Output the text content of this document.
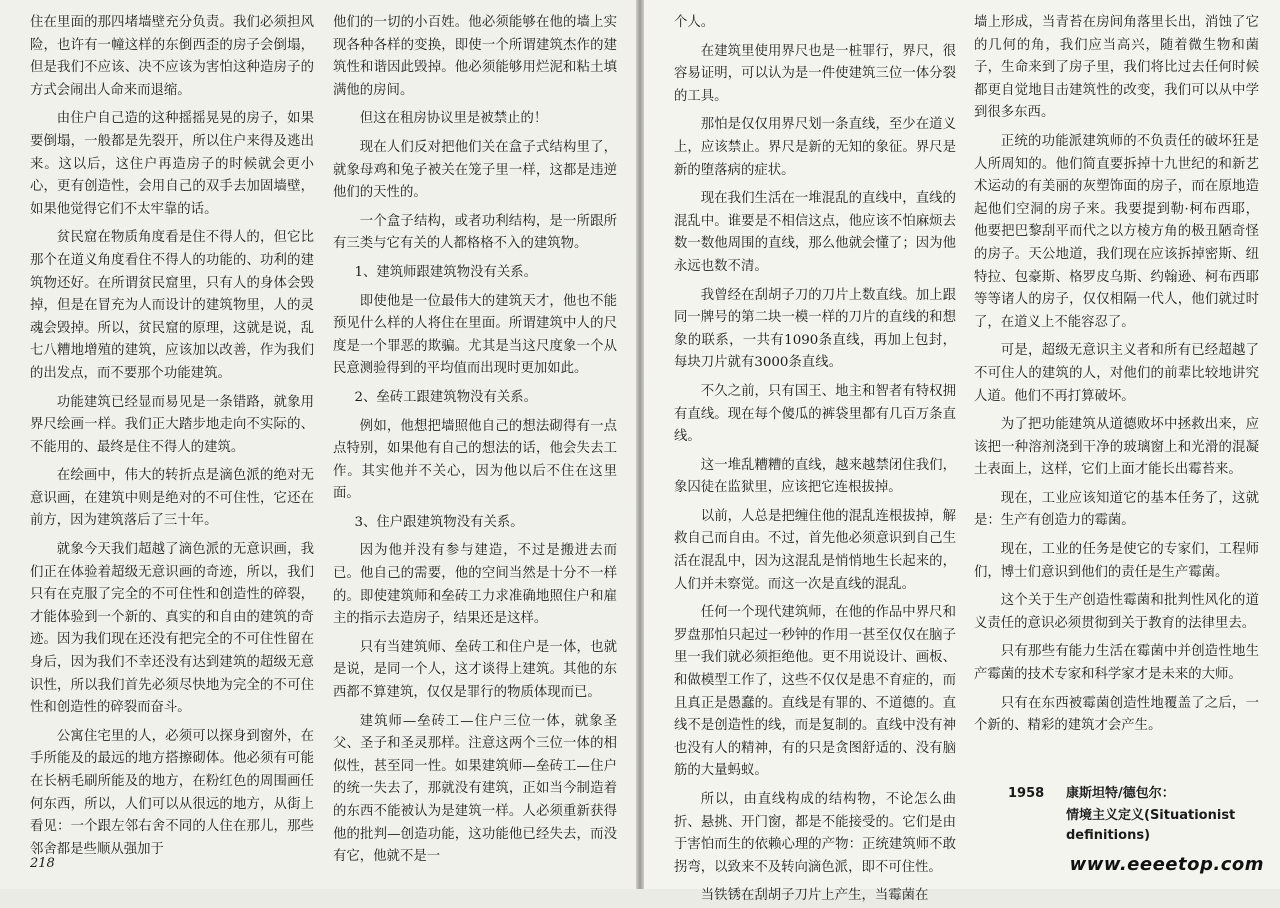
住在里面的那四堵墙壁充分负责。我们必须担风险，也许有一幢这样的东倒西歪的房子会倒塌，但是我们不应该、决不应该为害怕这种造房子的方式会闹出人命来而退缩。

由住户自己造的这种摇摇晃晃的房子，如果要倒塌，一般都是先裂开，所以住户来得及逃出来。这以后，这住户再造房子的时候就会更小心，更有创造性，会用自己的双手去加固墙壁，如果他觉得它们不太牢靠的话。

贫民窟在物质角度看是住不得人的，但它比那个在道义角度看住不得人的功能的、功利的建筑物还好。在所谓贫民窟里，只有人的身体会毁掉，但是在冒充为人而设计的建筑物里，人的灵魂会毁掉。所以，贫民窟的原理，这就是说，乱七八糟地增殖的建筑，应该加以改善，作为我们的出发点，而不要那个功能建筑。

功能建筑已经显而易见是一条错路，就象用界尺绘画一样。我们正大踏步地走向不实际的、不能用的、最终是住不得人的建筑。

在绘画中，伟大的转折点是滴色派的绝对无意识画，在建筑中则是绝对的不可住性，它还在前方，因为建筑落后了三十年。

就象今天我们超越了滴色派的无意识画，我们正在体验着超级无意识画的奇迹，所以，我们只有在克服了完全的不可住性和创造性的碎裂，才能体验到一个新的、真实的和自由的建筑的奇迹。因为我们现在还没有把完全的不可住性留在身后，因为我们不幸还没有达到建筑的超级无意识性，所以我们首先必须尽快地为完全的不可住性和创造性的碎裂而奋斗。

公寓住宅里的人，必须可以探身到窗外，在手所能及的最远的地方搭擦砌体。他必须有可能在长柄毛刷所能及的地方，在粉红色的周围画任何东西，所以，人们可以从很远的地方，从街上看见：一个跟左邻右舍不同的人住在那儿，那些邻舍都是些顺从强加于

他们的一切的小百姓。他必须能够在他的墙上实现各种各样的变换，即使一个所谓建筑杰作的建筑性和谐因此毁掉。他必须能够用烂泥和粘土填满他的房间。

但这在租房协议里是被禁止的！

现在人们反对把他们关在盒子式结构里了，就象母鸡和兔子被关在笼子里一样，这都是违逆他们的天性的。

一个盒子结构，或者功利结构，是一所跟所有三类与它有关的人都格格不入的建筑物。

1、建筑师跟建筑物没有关系。

即使他是一位最伟大的建筑天才，他也不能预见什么样的人将住在里面。所谓建筑中人的尺度是一个罪恶的欺骗。尤其是当这尺度象一个从民意测验得到的平均值而出现时更加如此。

2、垒砖工跟建筑物没有关系。

例如，他想把墙照他自己的想法砌得有一点点特别，如果他有自己的想法的话，他会失去工作。其实他并不关心，因为他以后不住在这里面。

3、住户跟建筑物没有关系。

因为他并没有参与建造，不过是搬进去而已。他自己的需要，他的空间当然是十分不一样的。即使建筑师和垒砖工力求准确地照住户和雇主的指示去造房子，结果还是这样。

只有当建筑师、垒砖工和住户是一体，也就是说，是同一个人，这才谈得上建筑。其他的东西都不算建筑，仅仅是罪行的物质体现而已。

建筑师—垒砖工—住户三位一体，就象圣父、圣子和圣灵那样。注意这两个三位一体的相似性，甚至同一性。如果建筑师—垒砖工—住户的统一失去了，那就没有建筑，正如当今制造着的东西不能被认为是建筑一样。人必须重新获得他的批判—创造功能，这功能他已经失去，而没有它，他就不是一

218

个人。

在建筑里使用界尺也是一桩罪行，界尺，很容易证明，可以认为是一件使建筑三位一体分裂的工具。

那怕是仅仅用界尺划一条直线，至少在道义上，应该禁止。界尺是新的无知的象征。界尺是新的堕落病的症状。

现在我们生活在一堆混乱的直线中，直线的混乱中。谁要是不相信这点，他应该不怕麻烦去数一数他周围的直线，那么他就会懂了；因为他永远也数不清。

我曾经在刮胡子刀的刀片上数直线。加上跟同一牌号的第二块一模一样的刀片的直线的和想象的联系，一共有1090条直线，再加上包封，每块刀片就有3000条直线。

不久之前，只有国王、地主和智者有特权拥有直线。现在每个傻瓜的裤袋里都有几百万条直线。

这一堆乱糟糟的直线，越来越禁闭住我们，象囚徒在监狱里，应该把它连根拔掉。

以前，人总是把缠住他的混乱连根拔掉，解救自己而自由。不过，首先他必须意识到自己生活在混乱中，因为这混乱是悄悄地生长起来的，人们并未察觉。而这一次是直线的混乱。

任何一个现代建筑师，在他的作品中界尺和罗盘那怕只起过一秒钟的作用一甚至仅仅在脑子里一我们就必须拒绝他。更不用说设计、画板、和做模型工作了，这些不仅仅是患不育症的，而且真正是愚蠢的。直线是有罪的、不道德的。直线不是创造性的线，而是复制的。直线中没有神也没有人的精神，有的只是贪图舒适的、没有脑筋的大量蚂蚁。

所以，由直线构成的结构物，不论怎么曲折、悬挑、开门窗，都是不能接受的。它们是由于害怕而生的依赖心理的产物：正统建筑师不敢拐弯，以致来不及转向滴色派，即不可住性。

当铁锈在刮胡子刀片上产生，当霉菌在

墙上形成，当青苔在房间角落里长出，消蚀了它的几何的角，我们应当高兴，随着微生物和菌子，生命来到了房子里，我们将比过去任何时候都更自觉地目击建筑性的改变，我们可以从中学到很多东西。

正统的功能派建筑师的不负责任的破坏狂是人所周知的。他们简直要拆掉十九世纪的和新艺术运动的有美丽的灰塑饰面的房子，而在原地造起他们空洞的房子来。我要提到勒·柯布西耶，他要把巴黎刮平而代之以方棱方角的极丑陋奇怪的房子。天公地道，我们现在应该拆掉密斯、纽特拉、包豪斯、格罗皮乌斯、约翰逊、柯布西耶等等诸人的房子，仅仅相隔一代人，他们就过时了，在道义上不能容忍了。

可是，超级无意识主义者和所有已经超越了不可住人的建筑的人，对他们的前辈比较地讲究人道。他们不再打算破坏。

为了把功能建筑从道德败坏中拯救出来，应该把一种溶剂浇到干净的玻璃窗上和光滑的混凝土表面上，这样，它们上面才能长出霉苔来。

现在，工业应该知道它的基本任务了，这就是：生产有创造力的霉菌。

现在，工业的任务是使它的专家们，工程师们，博士们意识到他们的责任是生产霉菌。

这个关于生产创造性霉菌和批判性风化的道义责任的意识必须贯彻到关于教育的法律里去。

只有那些有能力生活在霉菌中并创造性地生产霉菌的技术专家和科学家才是未来的大师。

只有在东西被霉菌创造性地覆盖了之后，一个新的、精彩的建筑才会产生。

1958 康斯坦特/德包尔：
情境主义定义(Situationist definitions)
www.eeeetop.com
